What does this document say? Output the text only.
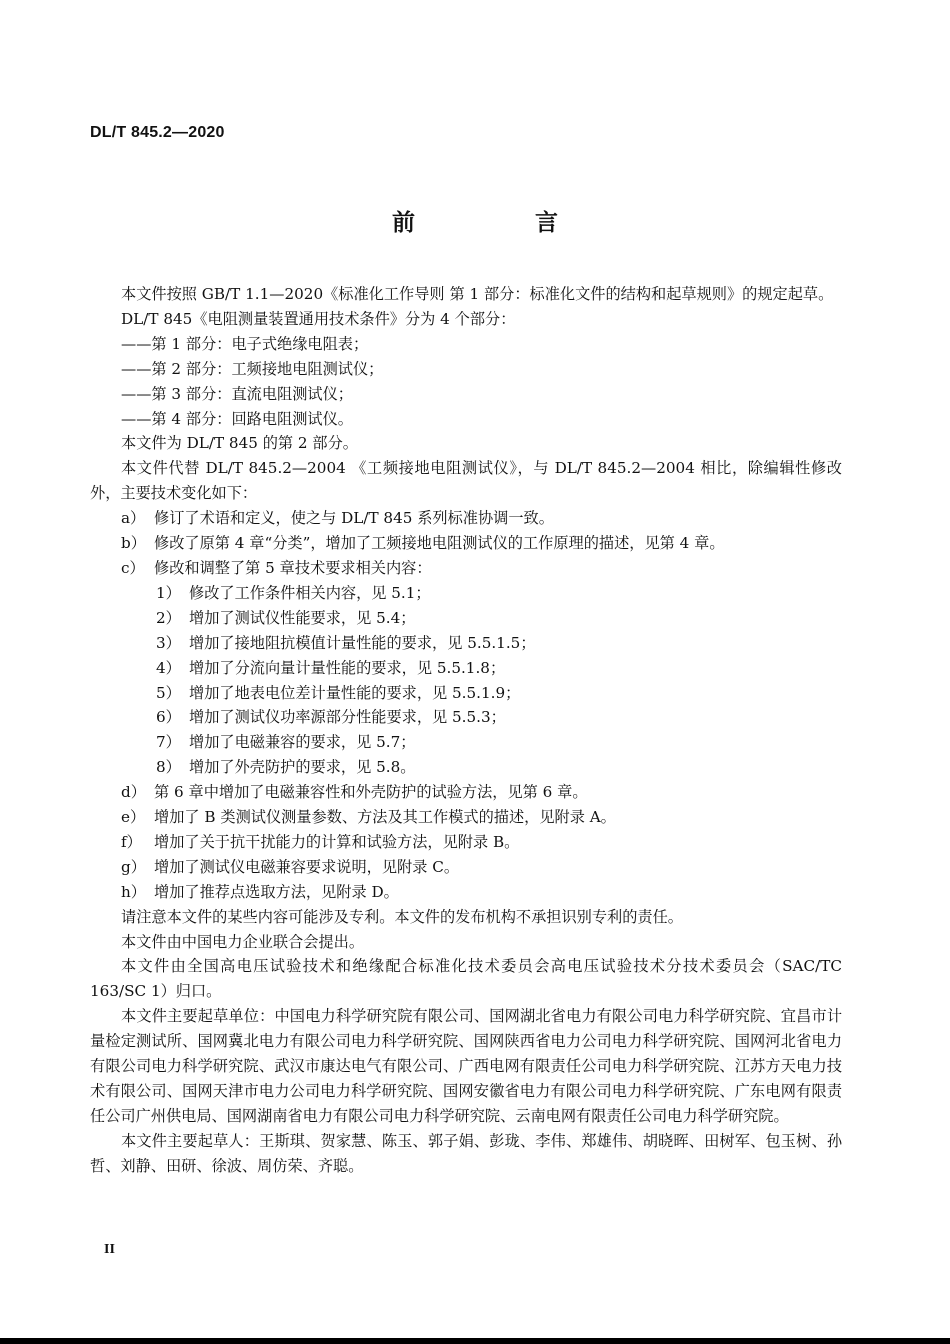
DL/T 845.2—2020
前 言

本文件按照 GB/T 1.1—2020《标准化工作导则 第 1 部分：标准化文件的结构和起草规则》的规定起草。

DL/T 845《电阻测量装置通用技术条件》分为 4 个部分：

——第 1 部分：电子式绝缘电阻表；

——第 2 部分：工频接地电阻测试仪；

——第 3 部分：直流电阻测试仪；

——第 4 部分：回路电阻测试仪。

本文件为 DL/T 845 的第 2 部分。

本文件代替 DL/T 845.2—2004 《工频接地电阻测试仪》，与 DL/T 845.2—2004 相比，除编辑性修改外，主要技术变化如下：

a） 修订了术语和定义，使之与 DL/T 845 系列标准协调一致。

b） 修改了原第 4 章“分类”，增加了工频接地电阻测试仪的工作原理的描述，见第 4 章。

c） 修改和调整了第 5 章技术要求相关内容：

1） 修改了工作条件相关内容，见 5.1；

2） 增加了测试仪性能要求，见 5.4；

3） 增加了接地阻抗模值计量性能的要求，见 5.5.1.5；

4） 增加了分流向量计量性能的要求，见 5.5.1.8；

5） 增加了地表电位差计量性能的要求，见 5.5.1.9；

6） 增加了测试仪功率源部分性能要求，见 5.5.3；

7） 增加了电磁兼容的要求，见 5.7；

8） 增加了外壳防护的要求，见 5.8。

d） 第 6 章中增加了电磁兼容性和外壳防护的试验方法，见第 6 章。

e） 增加了 B 类测试仪测量参数、方法及其工作模式的描述，见附录 A。

f） 增加了关于抗干扰能力的计算和试验方法，见附录 B。

g） 增加了测试仪电磁兼容要求说明，见附录 C。

h） 增加了推荐点选取方法，见附录 D。

请注意本文件的某些内容可能涉及专利。本文件的发布机构不承担识别专利的责任。

本文件由中国电力企业联合会提出。

本文件由全国高电压试验技术和绝缘配合标准化技术委员会高电压试验技术分技术委员会（SAC/TC 163/SC 1）归口。

本文件主要起草单位：中国电力科学研究院有限公司、国网湖北省电力有限公司电力科学研究院、宜昌市计量检定测试所、国网冀北电力有限公司电力科学研究院、国网陕西省电力公司电力科学研究院、国网河北省电力有限公司电力科学研究院、武汉市康达电气有限公司、广西电网有限责任公司电力科学研究院、江苏方天电力技术有限公司、国网天津市电力公司电力科学研究院、国网安徽省电力有限公司电力科学研究院、广东电网有限责任公司广州供电局、国网湖南省电力有限公司电力科学研究院、云南电网有限责任公司电力科学研究院。

本文件主要起草人：王斯琪、贺家慧、陈玉、郭子娟、彭珑、李伟、郑雄伟、胡晓晖、田树军、包玉树、孙哲、刘静、田研、徐波、周仿荣、齐聪。

II
